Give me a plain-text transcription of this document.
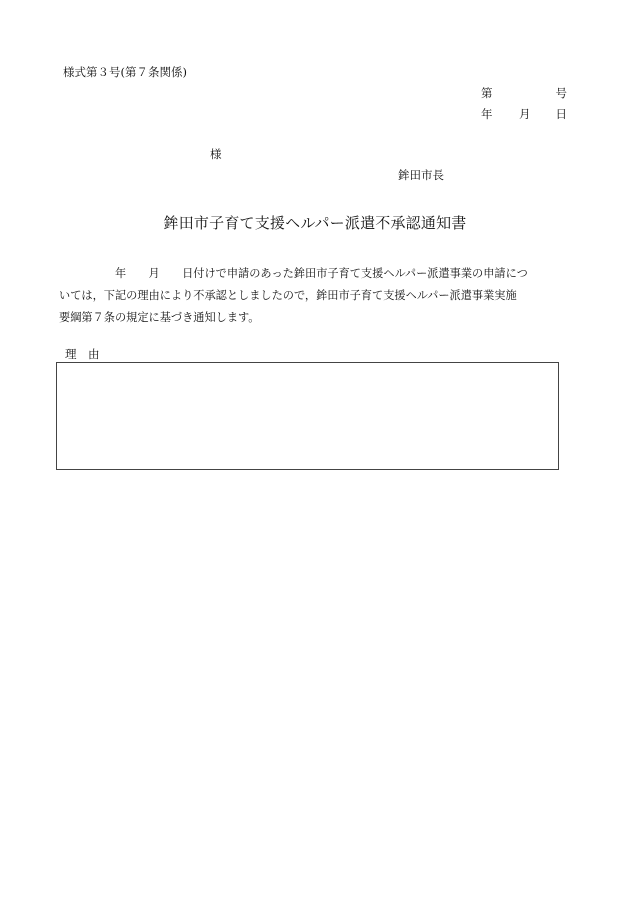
様式第３号(第７条関係)
第	号
年 月 日
様
鉾田市長
鉾田市子育て支援ヘルパー派遣不承認通知書
　　　　　年　　月　　日付けで申請のあった鉾田市子育て支援ヘルパー派遣事業の申請につ
いては，下記の理由により不承認としましたので，鉾田市子育て支援ヘルパー派遣事業実施
要綱第７条の規定に基づき通知します。
理　由
